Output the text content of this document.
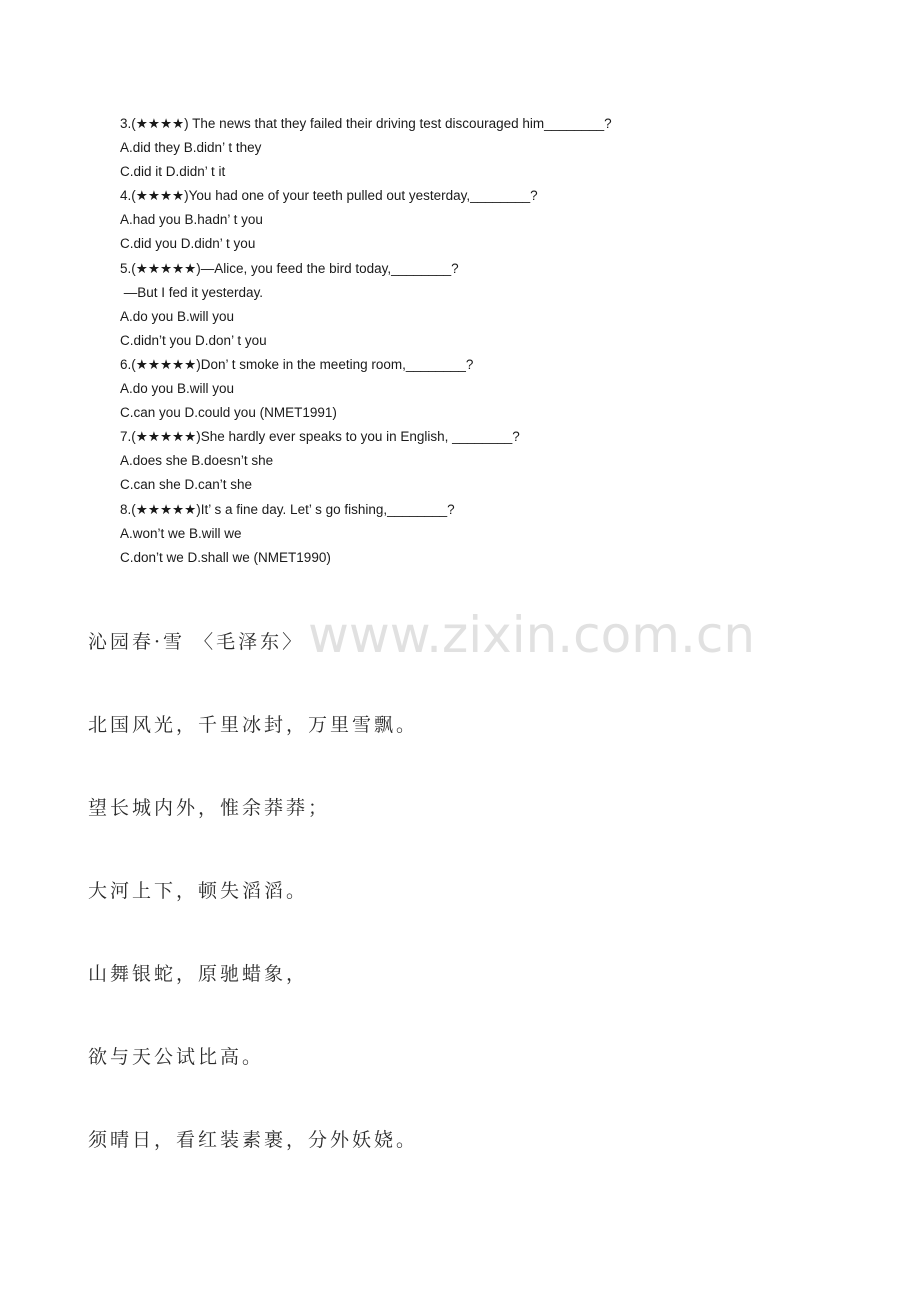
3.(★★★★) The news that they failed their driving test discouraged him________?
A.did they B.didn’ t they
C.did it D.didn’ t it
4.(★★★★)You had one of your teeth pulled out yesterday,________?
A.had you B.hadn’ t you
C.did you D.didn’ t you
5.(★★★★★)—Alice, you feed the bird today,________?
—But I fed it yesterday.
A.do you B.will you
C.didn’t you D.don’ t you
6.(★★★★★)Don’ t smoke in the meeting room,________?
A.do you B.will you
C.can you D.could you (NMET1991)
7.(★★★★★)She hardly ever speaks to you in English, ________?
A.does she B.doesn’t she
C.can she D.can’t she
8.(★★★★★)It’ s a fine day. Let’ s go fishing,________?
A.won’t we B.will we
C.don’t we D.shall we (NMET1990)
沁园春·雪 〈毛泽东〉
北国风光，千里冰封，万里雪飘。
望长城内外，惟余莽莽；
大河上下，顿失滔滔。
山舞银蛇，原驰蜡象，
欲与天公试比高。
须晴日，看红装素裹，分外妖娆。
www.zixin.com.cn
